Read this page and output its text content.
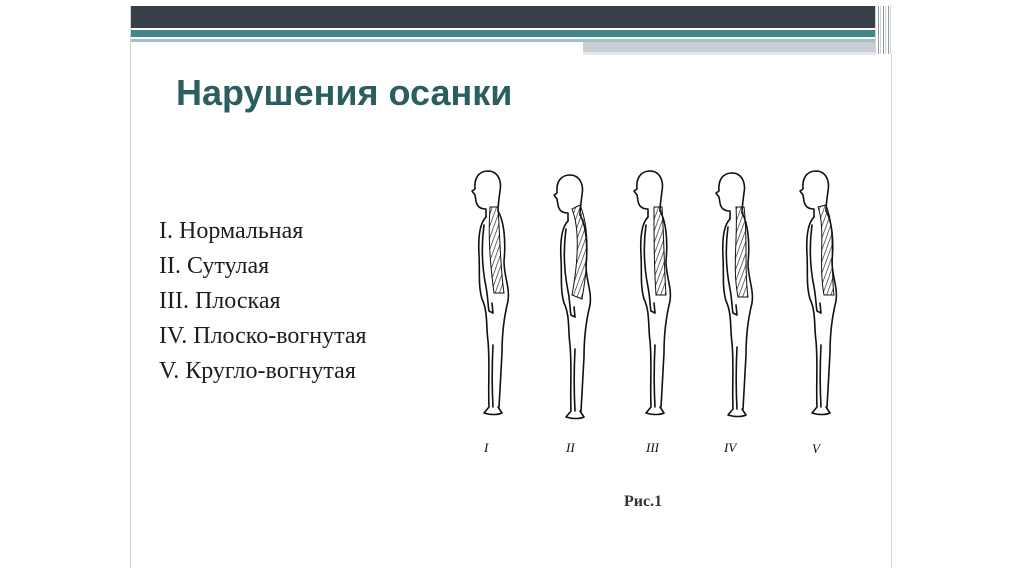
Нарушения осанки
I. Нормальная
II. Сутулая
III. Плоская
IV. Плоско-вогнутая
V. Кругло-вогнутая
I	II	III	IV	V

Рис.1
